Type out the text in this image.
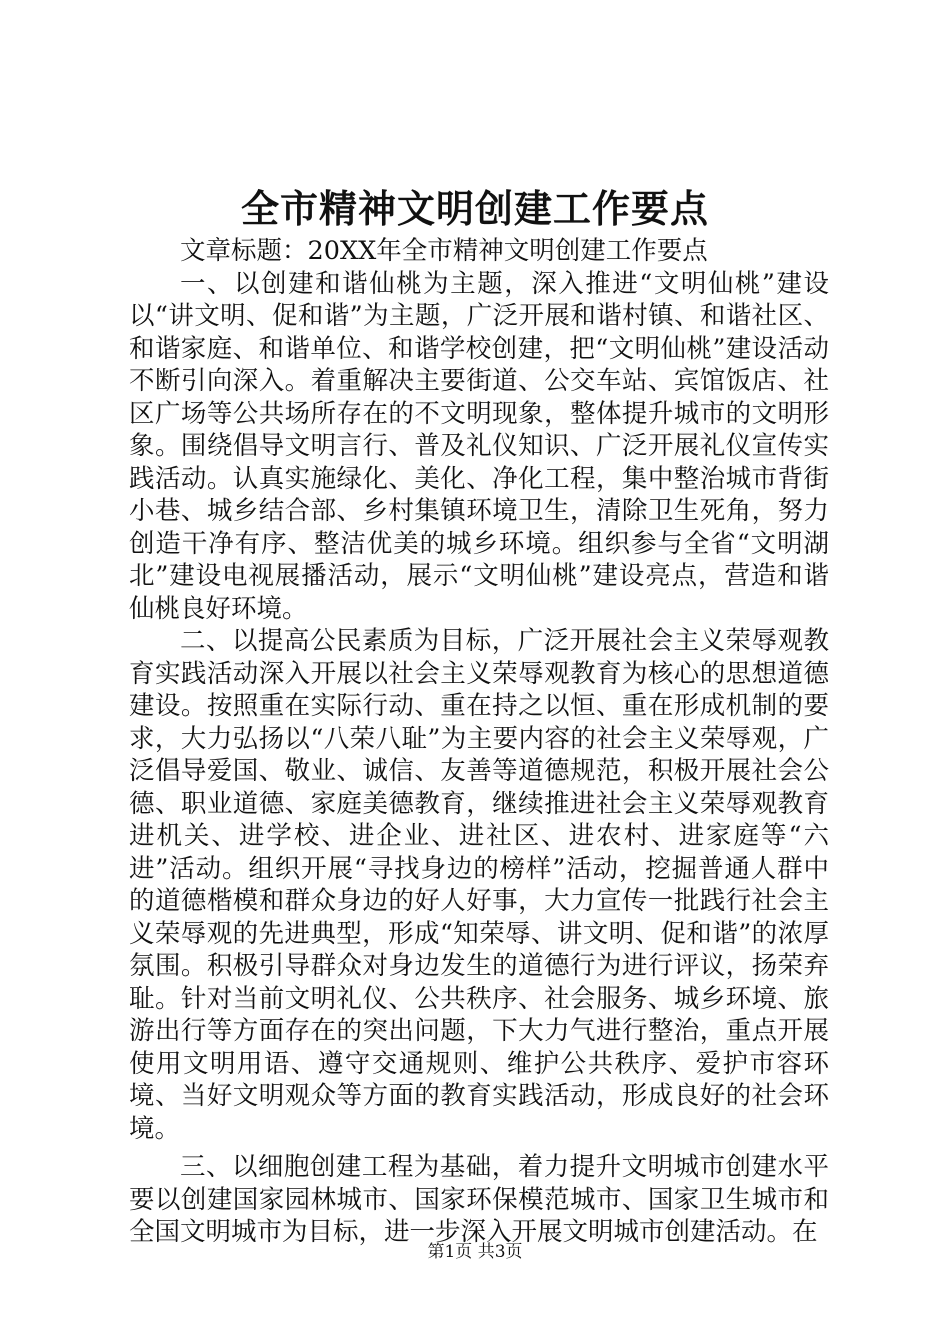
全市精神文明创建工作要点

文章标题：20XX年全市精神文明创建工作要点

一、以创建和谐仙桃为主题，深入推进“文明仙桃”建设以“讲文明、促和谐”为主题，广泛开展和谐村镇、和谐社区、和谐家庭、和谐单位、和谐学校创建，把“文明仙桃”建设活动不断引向深入。着重解决主要街道、公交车站、宾馆饭店、社区广场等公共场所存在的不文明现象，整体提升城市的文明形象。围绕倡导文明言行、普及礼仪知识、广泛开展礼仪宣传实践活动。认真实施绿化、美化、净化工程，集中整治城市背街小巷、城乡结合部、乡村集镇环境卫生，清除卫生死角，努力创造干净有序、整洁优美的城乡环境。组织参与全省“文明湖北”建设电视展播活动，展示“文明仙桃”建设亮点，营造和谐仙桃良好环境。

二、以提高公民素质为目标，广泛开展社会主义荣辱观教育实践活动深入开展以社会主义荣辱观教育为核心的思想道德建设。按照重在实际行动、重在持之以恒、重在形成机制的要求，大力弘扬以“八荣八耻”为主要内容的社会主义荣辱观，广泛倡导爱国、敬业、诚信、友善等道德规范，积极开展社会公德、职业道德、家庭美德教育，继续推进社会主义荣辱观教育进机关、进学校、进企业、进社区、进农村、进家庭等“六进”活动。组织开展“寻找身边的榜样”活动，挖掘普通人群中的道德楷模和群众身边的好人好事，大力宣传一批践行社会主义荣辱观的先进典型，形成“知荣辱、讲文明、促和谐”的浓厚氛围。积极引导群众对身边发生的道德行为进行评议，扬荣弃耻。针对当前文明礼仪、公共秩序、社会服务、城乡环境、旅游出行等方面存在的突出问题，下大力气进行整治，重点开展使用文明用语、遵守交通规则、维护公共秩序、爱护市容环境、当好文明观众等方面的教育实践活动，形成良好的社会环境。

三、以细胞创建工程为基础，着力提升文明城市创建水平要以创建国家园林城市、国家环保模范城市、国家卫生城市和全国文明城市为目标，进一步深入开展文明城市创建活动。在

第1页 共3页
